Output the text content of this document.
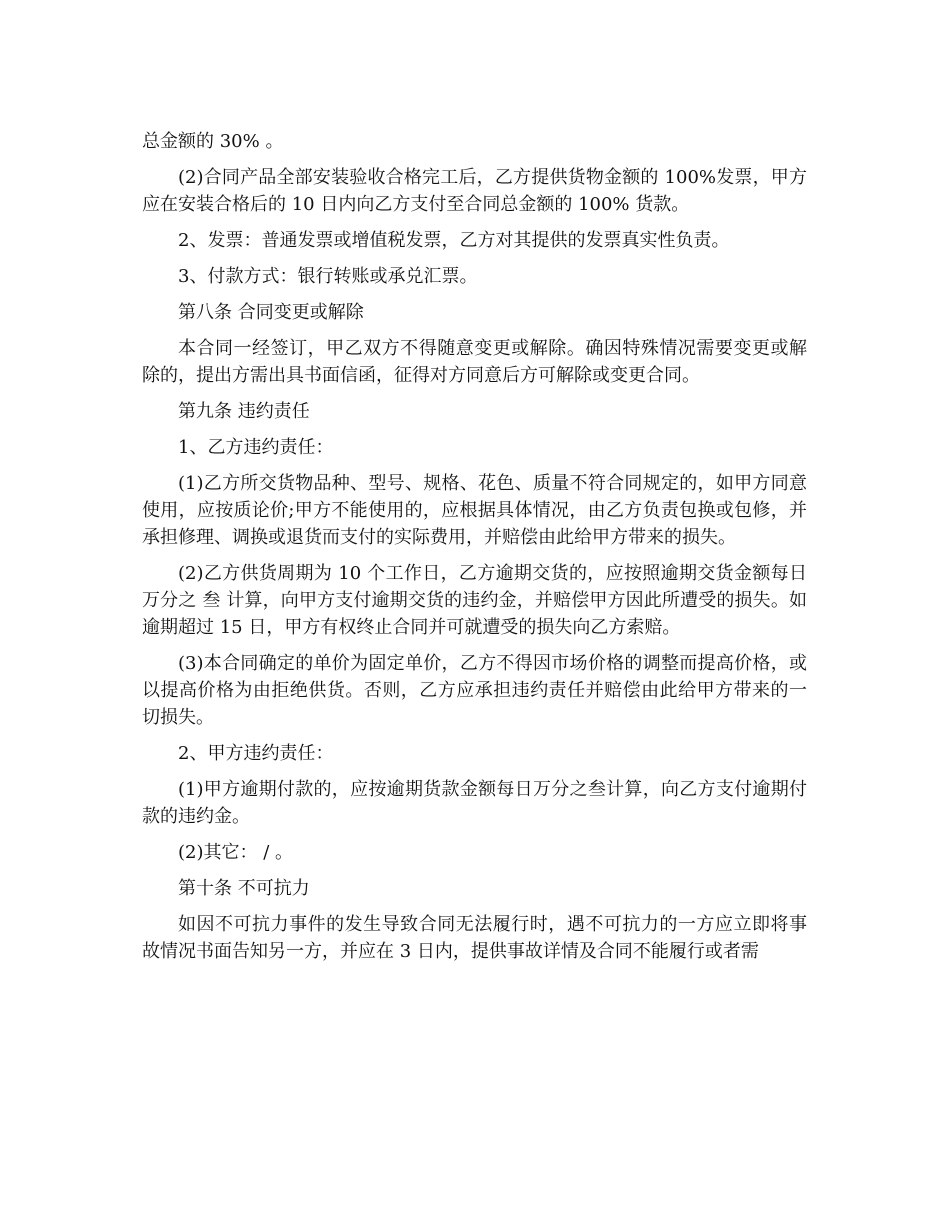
总金额的 30% 。

(2)合同产品全部安装验收合格完工后，乙方提供货物金额的 100%发票，甲方应在安装合格后的 10 日内向乙方支付至合同总金额的 100% 货款。

2、发票：普通发票或增值税发票，乙方对其提供的发票真实性负责。

3、付款方式：银行转账或承兑汇票。

第八条 合同变更或解除

本合同一经签订，甲乙双方不得随意变更或解除。确因特殊情况需要变更或解除的，提出方需出具书面信函，征得对方同意后方可解除或变更合同。

第九条 违约责任

1、乙方违约责任：

(1)乙方所交货物品种、型号、规格、花色、质量不符合同规定的，如甲方同意使用，应按质论价;甲方不能使用的，应根据具体情况，由乙方负责包换或包修，并承担修理、调换或退货而支付的实际费用，并赔偿由此给甲方带来的损失。

(2)乙方供货周期为 10 个工作日，乙方逾期交货的，应按照逾期交货金额每日万分之 叁 计算，向甲方支付逾期交货的违约金，并赔偿甲方因此所遭受的损失。如逾期超过 15 日，甲方有权终止合同并可就遭受的损失向乙方索赔。

(3)本合同确定的单价为固定单价，乙方不得因市场价格的调整而提高价格，或以提高价格为由拒绝供货。否则，乙方应承担违约责任并赔偿由此给甲方带来的一切损失。

2、甲方违约责任：

(1)甲方逾期付款的，应按逾期货款金额每日万分之叁计算，向乙方支付逾期付款的违约金。

(2)其它： / 。

第十条 不可抗力

如因不可抗力事件的发生导致合同无法履行时，遇不可抗力的一方应立即将事故情况书面告知另一方，并应在 3 日内，提供事故详情及合同不能履行或者需
